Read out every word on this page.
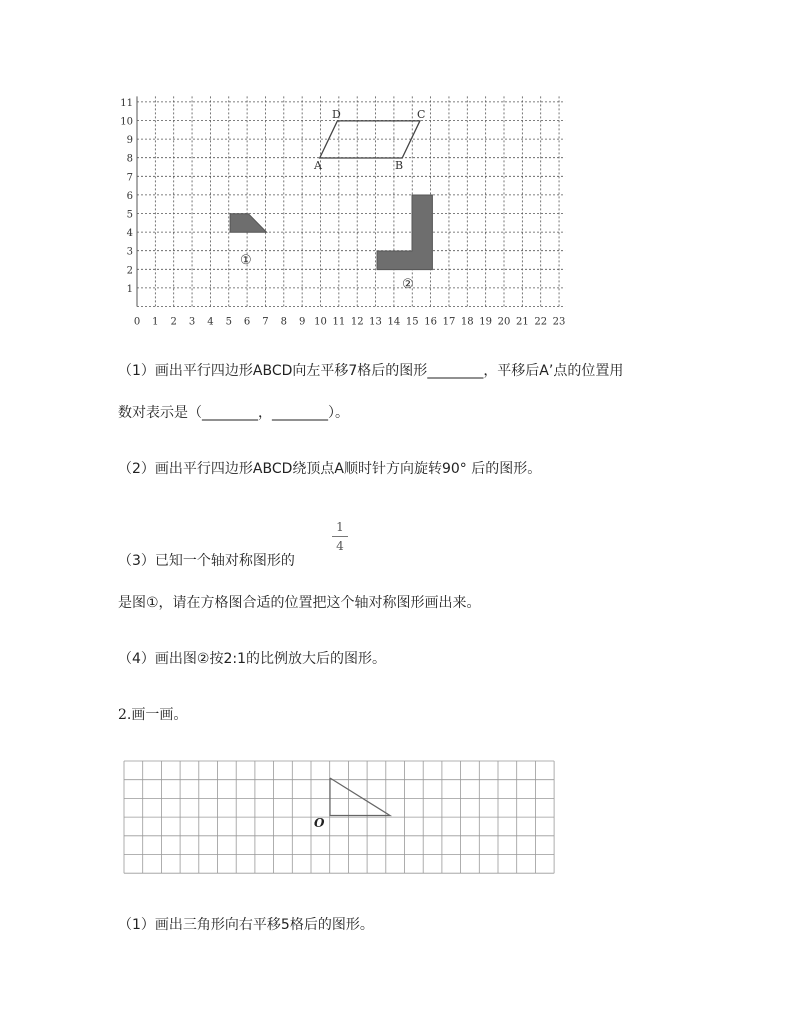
D	C
A	B
①
②
0 1 2 3 4 5 6 7 8 9 10 11 12 13 14 15 16 17 18 19 20 21 22 23
1
2
3
4
5
6
7
8
9
10
11
（1）画出平行四边形ABCD向左平移7格后的图形________，平移后A’点的位置用
数对表示是（________，________）。
（2）画出平行四边形ABCD绕顶点A顺时针方向旋转90° 后的图形。
（3）已知一个轴对称图形的
1
4
是图①，请在方格图合适的位置把这个轴对称图形画出来。
（4）画出图②按2:1的比例放大后的图形。
2.画一画。
O
（1）画出三角形向右平移5格后的图形。
